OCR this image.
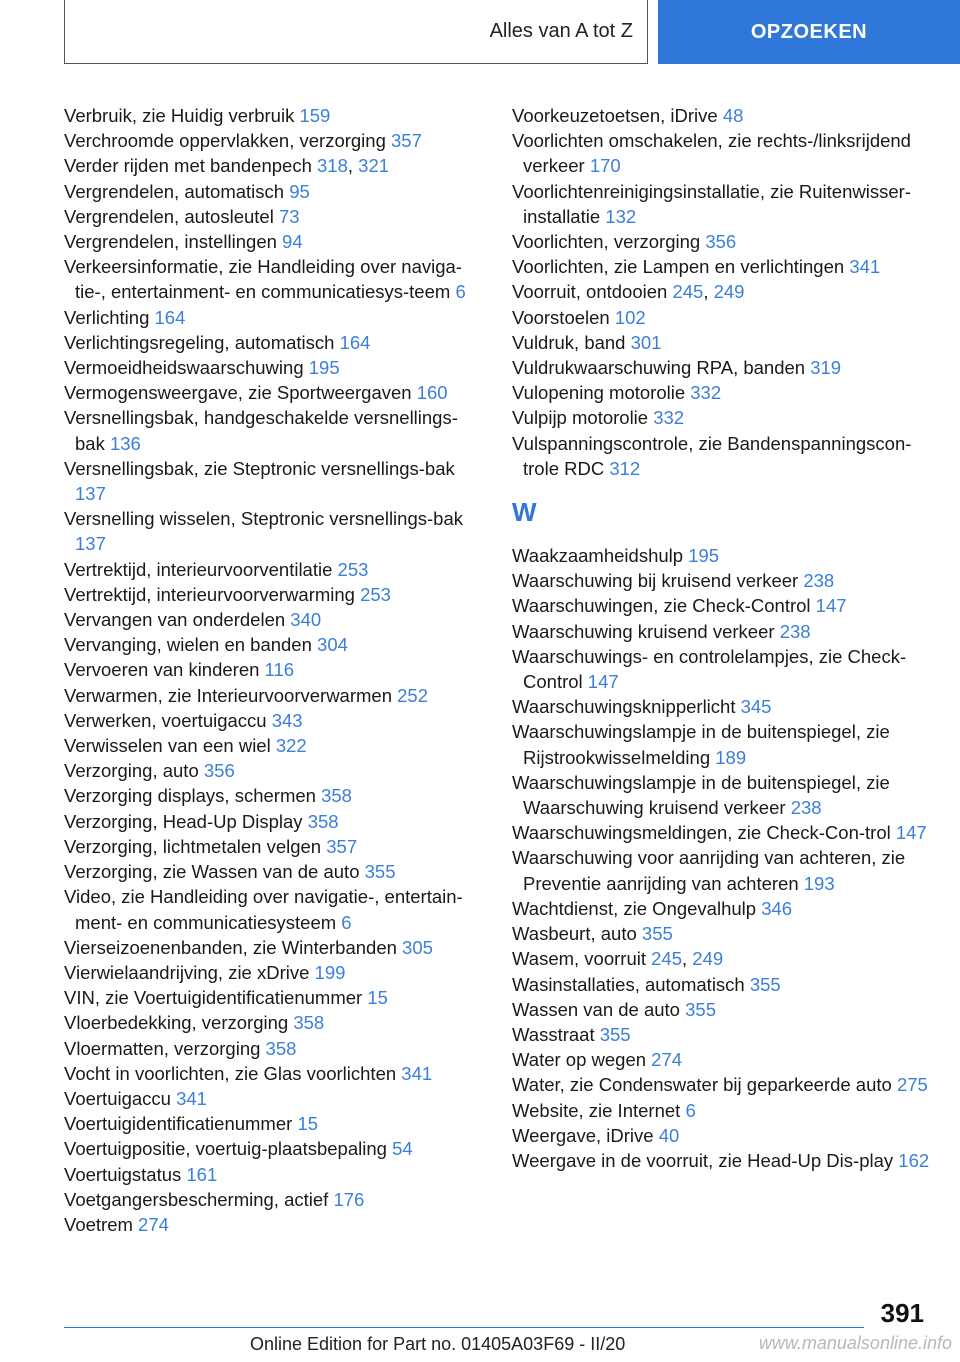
Alles van A tot Z	OPZOEKEN
Verbruik, zie Huidig verbruik 159
Verchroomde oppervlakken, verzorging 357
Verder rijden met bandenpech 318, 321
Vergrendelen, automatisch 95
Vergrendelen, autosleutel 73
Vergrendelen, instellingen 94
Verkeersinformatie, zie Handleiding over naviga-tie-, entertainment- en communicatiesys-teem 6
Verlichting 164
Verlichtingsregeling, automatisch 164
Vermoeidheidswaarschuwing 195
Vermogensweergave, zie Sportweergaven 160
Versnellingsbak, handgeschakelde versnellings-bak 136
Versnellingsbak, zie Steptronic versnellings-bak 137
Versnelling wisselen, Steptronic versnellings-bak 137
Vertrektijd, interieurvoorventilatie 253
Vertrektijd, interieurvoorverwarming 253
Vervangen van onderdelen 340
Vervanging, wielen en banden 304
Vervoeren van kinderen 116
Verwarmen, zie Interieurvoorverwarmen 252
Verwerken, voertuigaccu 343
Verwisselen van een wiel 322
Verzorging, auto 356
Verzorging displays, schermen 358
Verzorging, Head-Up Display 358
Verzorging, lichtmetalen velgen 357
Verzorging, zie Wassen van de auto 355
Video, zie Handleiding over navigatie-, entertain-ment- en communicatiesysteem 6
Vierseizoenenbanden, zie Winterbanden 305
Vierwielaandrijving, zie xDrive 199
VIN, zie Voertuigidentificatienummer 15
Vloerbedekking, verzorging 358
Vloermatten, verzorging 358
Vocht in voorlichten, zie Glas voorlichten 341
Voertuigaccu 341
Voertuigidentificatienummer 15
Voertuigpositie, voertuig-plaatsbepaling 54
Voertuigstatus 161
Voetgangersbescherming, actief 176
Voetrem 274
Voorkeuzetoetsen, iDrive 48
Voorlichten omschakelen, zie rechts-/linksrijdend verkeer 170
Voorlichtenreinigingsinstallatie, zie Ruitenwisser-installatie 132
Voorlichten, verzorging 356
Voorlichten, zie Lampen en verlichtingen 341
Voorruit, ontdooien 245, 249
Voorstoelen 102
Vuldruk, band 301
Vuldrukwaarschuwing RPA, banden 319
Vulopening motorolie 332
Vulpijp motorolie 332
Vulspanningscontrole, zie Bandenspanningscon-trole RDC 312
W
Waakzaamheidshulp 195
Waarschuwing bij kruisend verkeer 238
Waarschuwingen, zie Check-Control 147
Waarschuwing kruisend verkeer 238
Waarschuwings- en controlelampjes, zie Check-Control 147
Waarschuwingsknipperlicht 345
Waarschuwingslampje in de buitenspiegel, zie Rijstrookwisselmelding 189
Waarschuwingslampje in de buitenspiegel, zie Waarschuwing kruisend verkeer 238
Waarschuwingsmeldingen, zie Check-Con-trol 147
Waarschuwing voor aanrijding van achteren, zie Preventie aanrijding van achteren 193
Wachtdienst, zie Ongevalhulp 346
Wasbeurt, auto 355
Wasem, voorruit 245, 249
Wasinstallaties, automatisch 355
Wassen van de auto 355
Wasstraat 355
Water op wegen 274
Water, zie Condenswater bij geparkeerde auto 275
Website, zie Internet 6
Weergave, iDrive 40
Weergave in de voorruit, zie Head-Up Dis-play 162
391
Online Edition for Part no. 01405A03F69 - II/20	www.manualsonline.info
